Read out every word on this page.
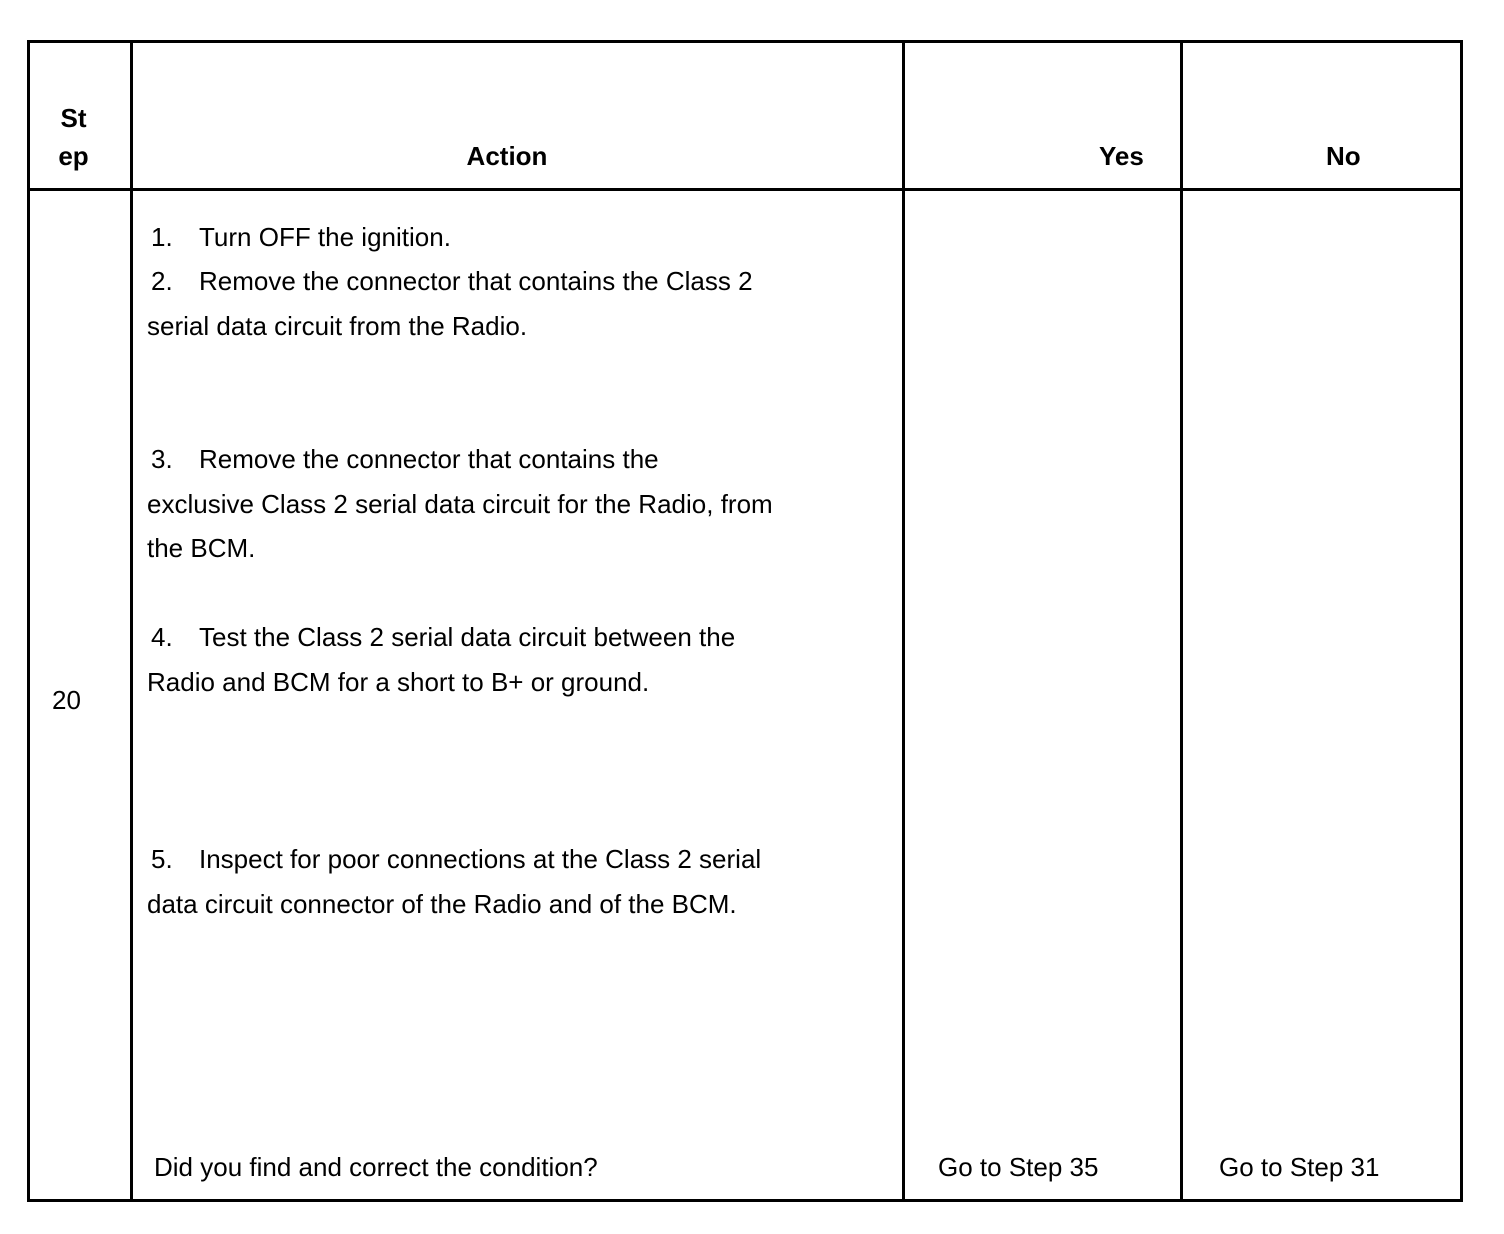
St
ep	Action	Yes	No
20
1. Turn OFF the ignition.
2. Remove the connector that contains the Class 2
serial data circuit from the Radio.
3. Remove the connector that contains the
exclusive Class 2 serial data circuit for the Radio, from
the BCM.
4. Test the Class 2 serial data circuit between the
Radio and BCM for a short to B+ or ground.
5. Inspect for poor connections at the Class 2 serial
data circuit connector of the Radio and of the BCM.
Did you find and correct the condition?	Go to Step 35	Go to Step 31
